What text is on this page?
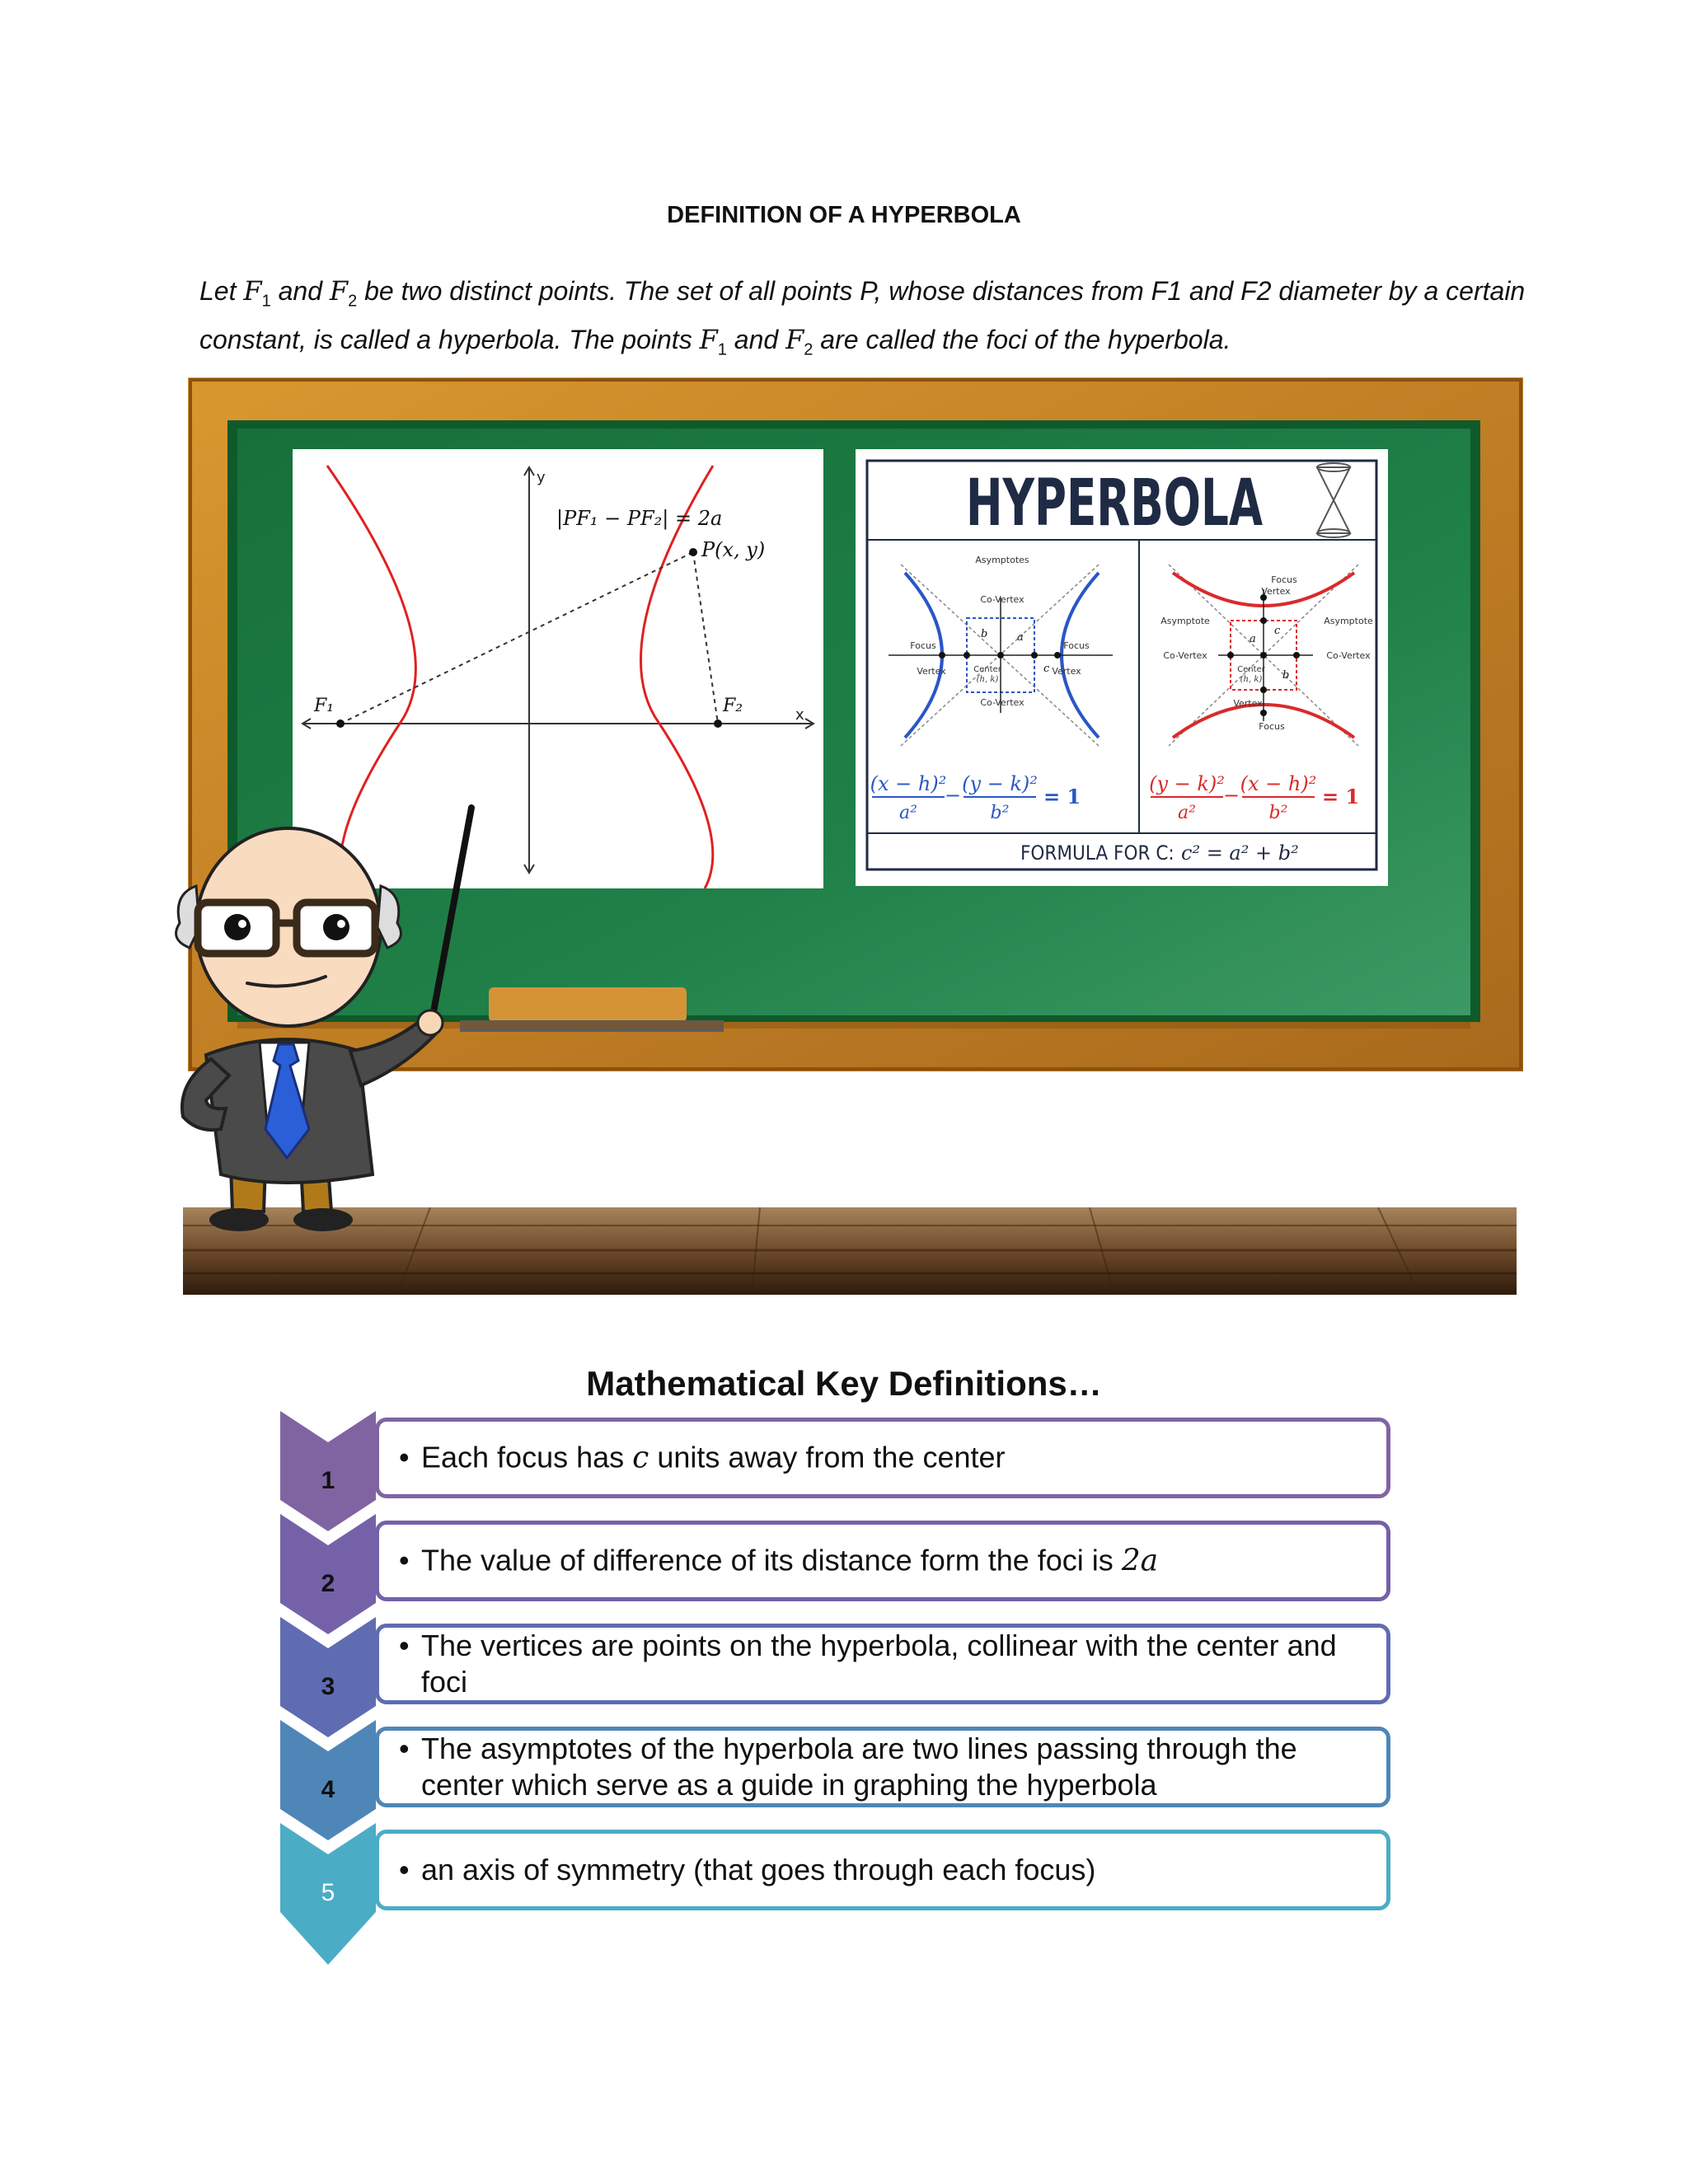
DEFINITION OF A HYPERBOLA
Let $F_1$ and $F_2$ be two distinct points. The set of all points P, whose distances from F1 and F2 diameter by a certain constant, is called a hyperbola. The points $F_1$ and $F_2$ are called the foci of the hyperbola.
y
x
F₁	F₂
P(x, y)
|PF₁ − PF₂| = 2a	HYPERBOLA
Asymptotes
Co-Vertex
Focus	Focus
Vertex	Vertex
Center
(h, k)
Co-Vertex
b	a
c
Focus
Vertex
Asymptote	Asymptote
Co-Vertex	Co-Vertex
Center
(h, k)
Vertex
Focus
a
b
c
(x − h)²
a²
− (y − k)²
b²
= 1
(y − k)²
a²
− (x − h)²
b²
= 1
FORMULA FOR C: c² = a² + b²
Mathematical Key Definitions…
1
2
3
4
5
• Each focus has c units away from the center
• The value of difference of its distance form the foci is 2a
• The vertices are points on the hyperbola, collinear with the center and foci
• The asymptotes of the hyperbola are two lines passing through the center which serve as a guide in graphing the hyperbola
• an axis of symmetry (that goes through each focus)
